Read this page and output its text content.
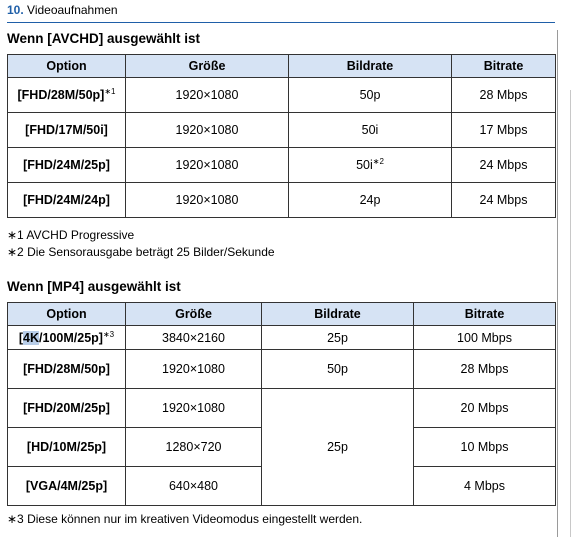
10. Videoaufnahmen
Wenn [AVCHD] ausgewählt ist
Option	Größe	Bildrate	Bitrate
$[FHD/28M/50p]^{∗1}$	1920×1080	50p	28 Mbps
[FHD/17M/50i]	1920×1080	50i	17 Mbps
[FHD/24M/25p]	1920×1080	$50i^{∗2}$	24 Mbps
[FHD/24M/24p]	1920×1080	24p	24 Mbps
∗1 AVCHD Progressive
∗2 Die Sensorausgabe beträgt 25 Bilder/Sekunde
Wenn [MP4] ausgewählt ist
Option	Größe	Bildrate	Bitrate
$[4K/100M/25p]^{∗3}$	3840×2160	25p	100 Mbps
[FHD/28M/50p]	1920×1080	50p	28 Mbps
[FHD/20M/25p]	1920×1080	25p	20 Mbps
[HD/10M/25p]	1280×720		10 Mbps
[VGA/4M/25p]	640×480		4 Mbps
∗3 Diese können nur im kreativen Videomodus eingestellt werden.
